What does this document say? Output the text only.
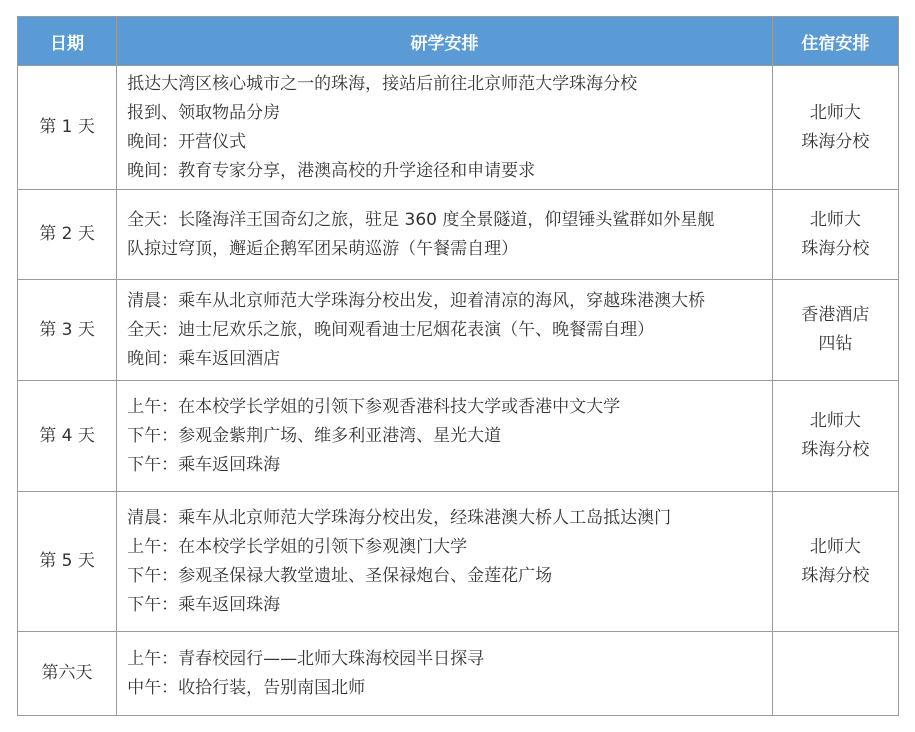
日期	研学安排	住宿安排
第 1 天	抵达大湾区核心城市之一的珠海，接站后前往北京师范大学珠海分校
报到、领取物品分房
晚间：开营仪式
晚间：教育专家分享，港澳高校的升学途径和申请要求	北师大
珠海分校

第 2 天	全天：长隆海洋王国奇幻之旅，驻足 360 度全景隧道，仰望锤头鲨群如外星舰
队掠过穹顶，邂逅企鹅军团呆萌巡游（午餐需自理）	北师大
珠海分校

第 3 天	清晨：乘车从北京师范大学珠海分校出发，迎着清凉的海风，穿越珠港澳大桥
全天：迪士尼欢乐之旅，晚间观看迪士尼烟花表演（午、晚餐需自理）
晚间：乘车返回酒店	香港酒店
四钻

第 4 天	上午：在本校学长学姐的引领下参观香港科技大学或香港中文大学
下午：参观金紫荆广场、维多利亚港湾、星光大道
下午：乘车返回珠海	北师大
珠海分校

第 5 天	清晨：乘车从北京师范大学珠海分校出发，经珠港澳大桥人工岛抵达澳门
上午：在本校学长学姐的引领下参观澳门大学
下午：参观圣保禄大教堂遗址、圣保禄炮台、金莲花广场
下午：乘车返回珠海	北师大
珠海分校

第六天	上午：青春校园行——北师大珠海校园半日探寻
中午：收拾行装，告别南国北师	
